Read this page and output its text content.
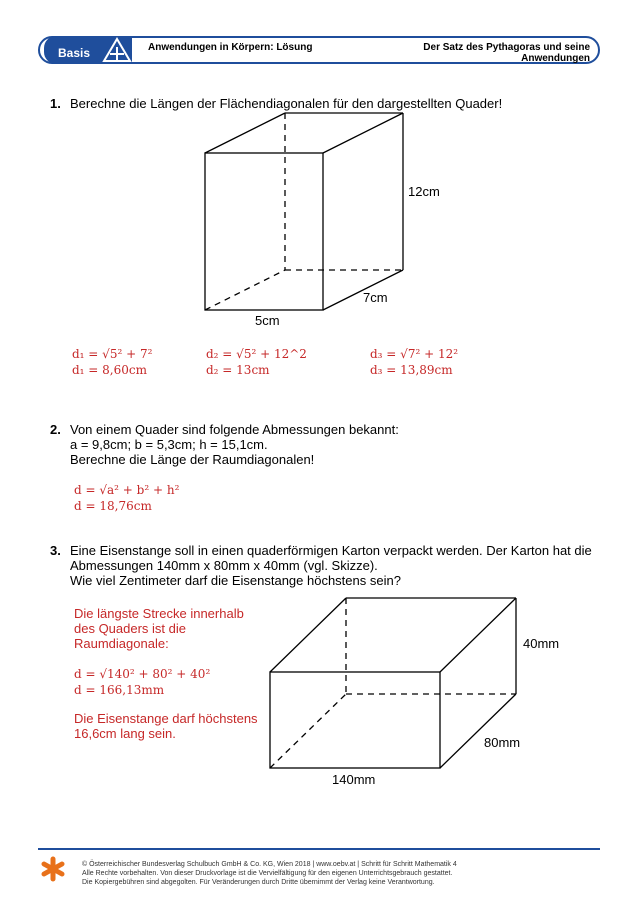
Basis	Anwendungen in Körpern: Lösung	Der Satz des Pythagoras und seine Anwendungen
1. Berechne die Längen der Flächendiagonalen für den dargestellten Quader!
12cm
7cm
5cm
d₁ = √5² + 7²
d₁ = 8,60cm
d₂ = √5² + 12^2
d₂ = 13cm
d₃ = √7² + 12²
d₃ = 13,89cm
2. Von einem Quader sind folgende Abmessungen bekannt:
a = 9,8cm; b = 5,3cm; h = 15,1cm.
Berechne die Länge der Raumdiagonalen!
d = √a² + b² + h²
d = 18,76cm
3. Eine Eisenstange soll in einen quaderförmigen Karton verpackt werden. Der Karton hat die
Abmessungen 140mm x 80mm x 40mm (vgl. Skizze).
Wie viel Zentimeter darf die Eisenstange höchstens sein?
Die längste Strecke innerhalb
des Quaders ist die
Raumdiagonale:
d = √140² + 80² + 40²
d = 166,13mm
Die Eisenstange darf höchstens
16,6cm lang sein.
40mm
80mm
140mm
© Österreichischer Bundesverlag Schulbuch GmbH & Co. KG, Wien 2018 | www.oebv.at | Schritt für Schritt Mathematik 4
Alle Rechte vorbehalten. Von dieser Druckvorlage ist die Vervielfältigung für den eigenen Unterrichtsgebrauch gestattet.
Die Kopiergebühren sind abgegolten. Für Veränderungen durch Dritte übernimmt der Verlag keine Verantwortung.
